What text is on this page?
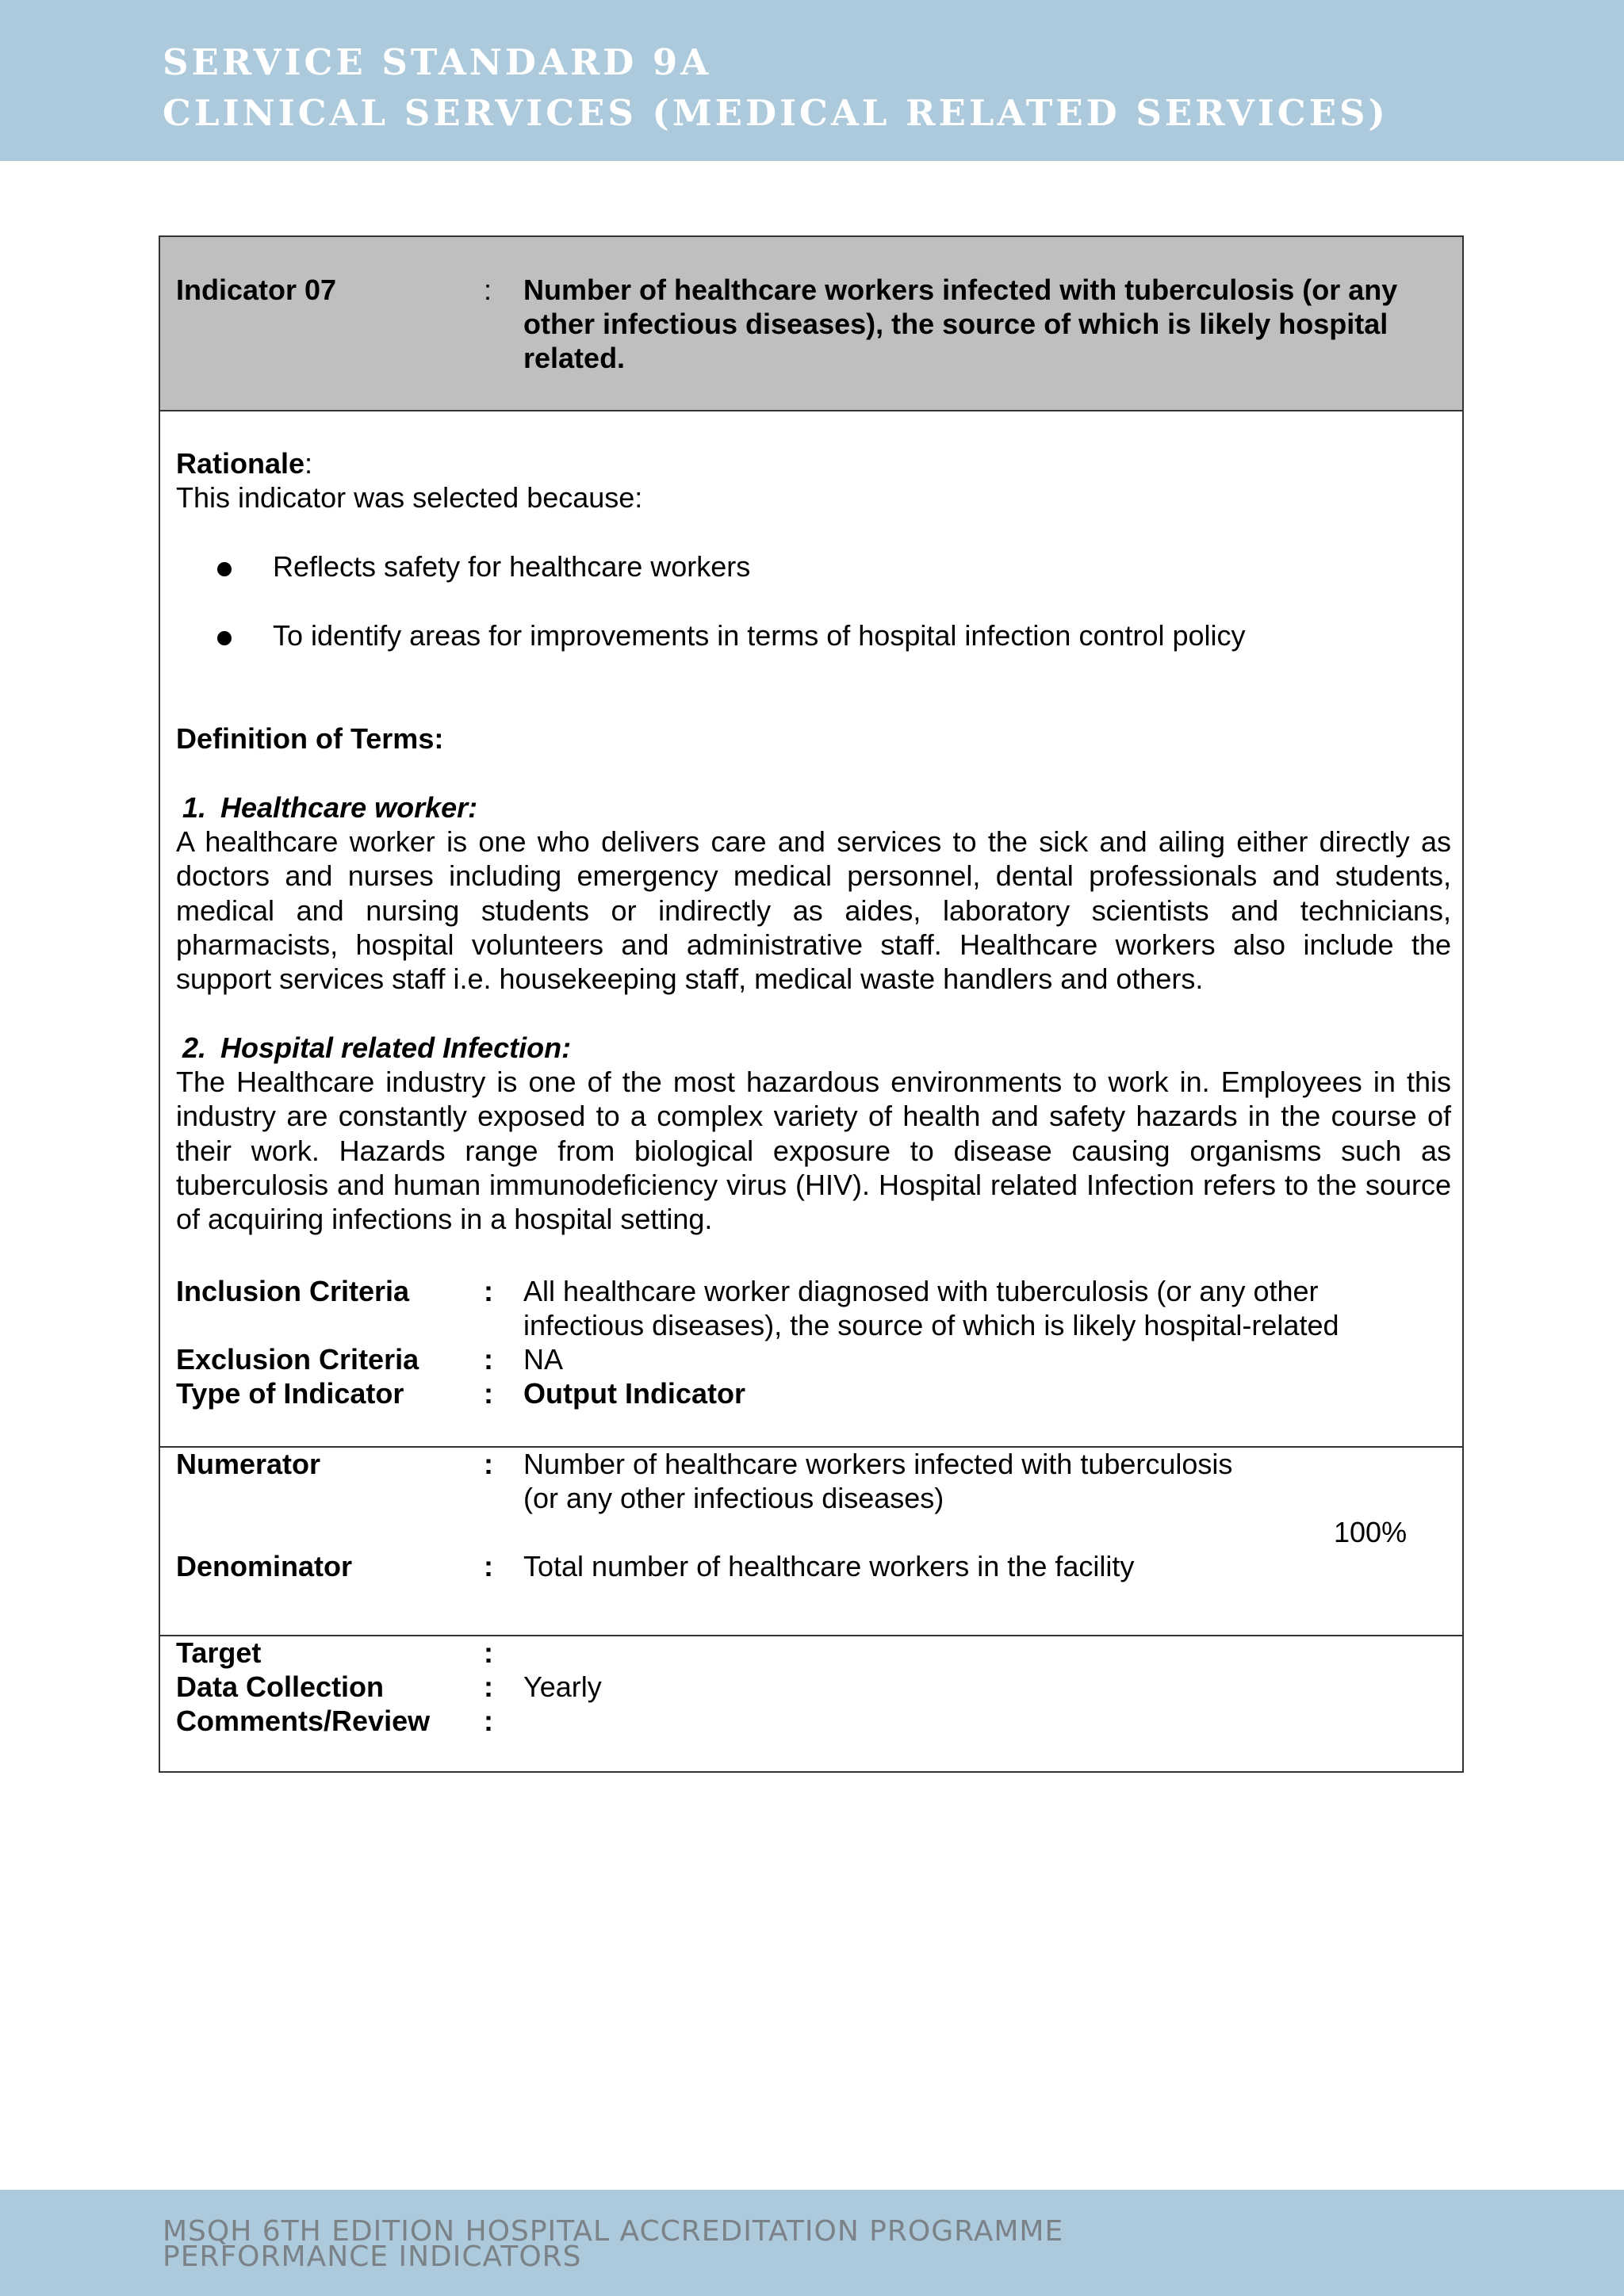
SERVICE STANDARD 9A
CLINICAL SERVICES (MEDICAL RELATED SERVICES)
Indicator 07	: Number of healthcare workers infected with tuberculosis (or any
other infectious diseases), the source of which is likely hospital
related.
Rationale:
This indicator was selected because:
Reflects safety for healthcare workers
To identify areas for improvements in terms of hospital infection control policy
Definition of Terms:
1. Healthcare worker:
A healthcare worker is one who delivers care and services to the sick and ailing either directly as doctors and nurses including emergency medical personnel, dental professionals and students, medical and nursing students or indirectly as aides, laboratory scientists and technicians, pharmacists, hospital volunteers and administrative staff. Healthcare workers also include the support services staff i.e. housekeeping staff, medical waste handlers and others.
2. Hospital related Infection:
The Healthcare industry is one of the most hazardous environments to work in. Employees in this industry are constantly exposed to a complex variety of health and safety hazards in the course of their work. Hazards range from biological exposure to disease causing organisms such as tuberculosis and human immunodeficiency virus (HIV). Hospital related Infection refers to the source of acquiring infections in a hospital setting.
Inclusion Criteria	: All healthcare worker diagnosed with tuberculosis (or any other
infectious diseases), the source of which is likely hospital-related
Exclusion Criteria : NA
Type of Indicator	: Output Indicator
Numerator	: Number of healthcare workers infected with tuberculosis
(or any other infectious diseases)
100%
Denominator	: Total number of healthcare workers in the facility
Target	:
Data Collection	: Yearly
Comments/Review :
MSQH 6TH EDITION HOSPITAL ACCREDITATION PROGRAMME
PERFORMANCE INDICATORS
